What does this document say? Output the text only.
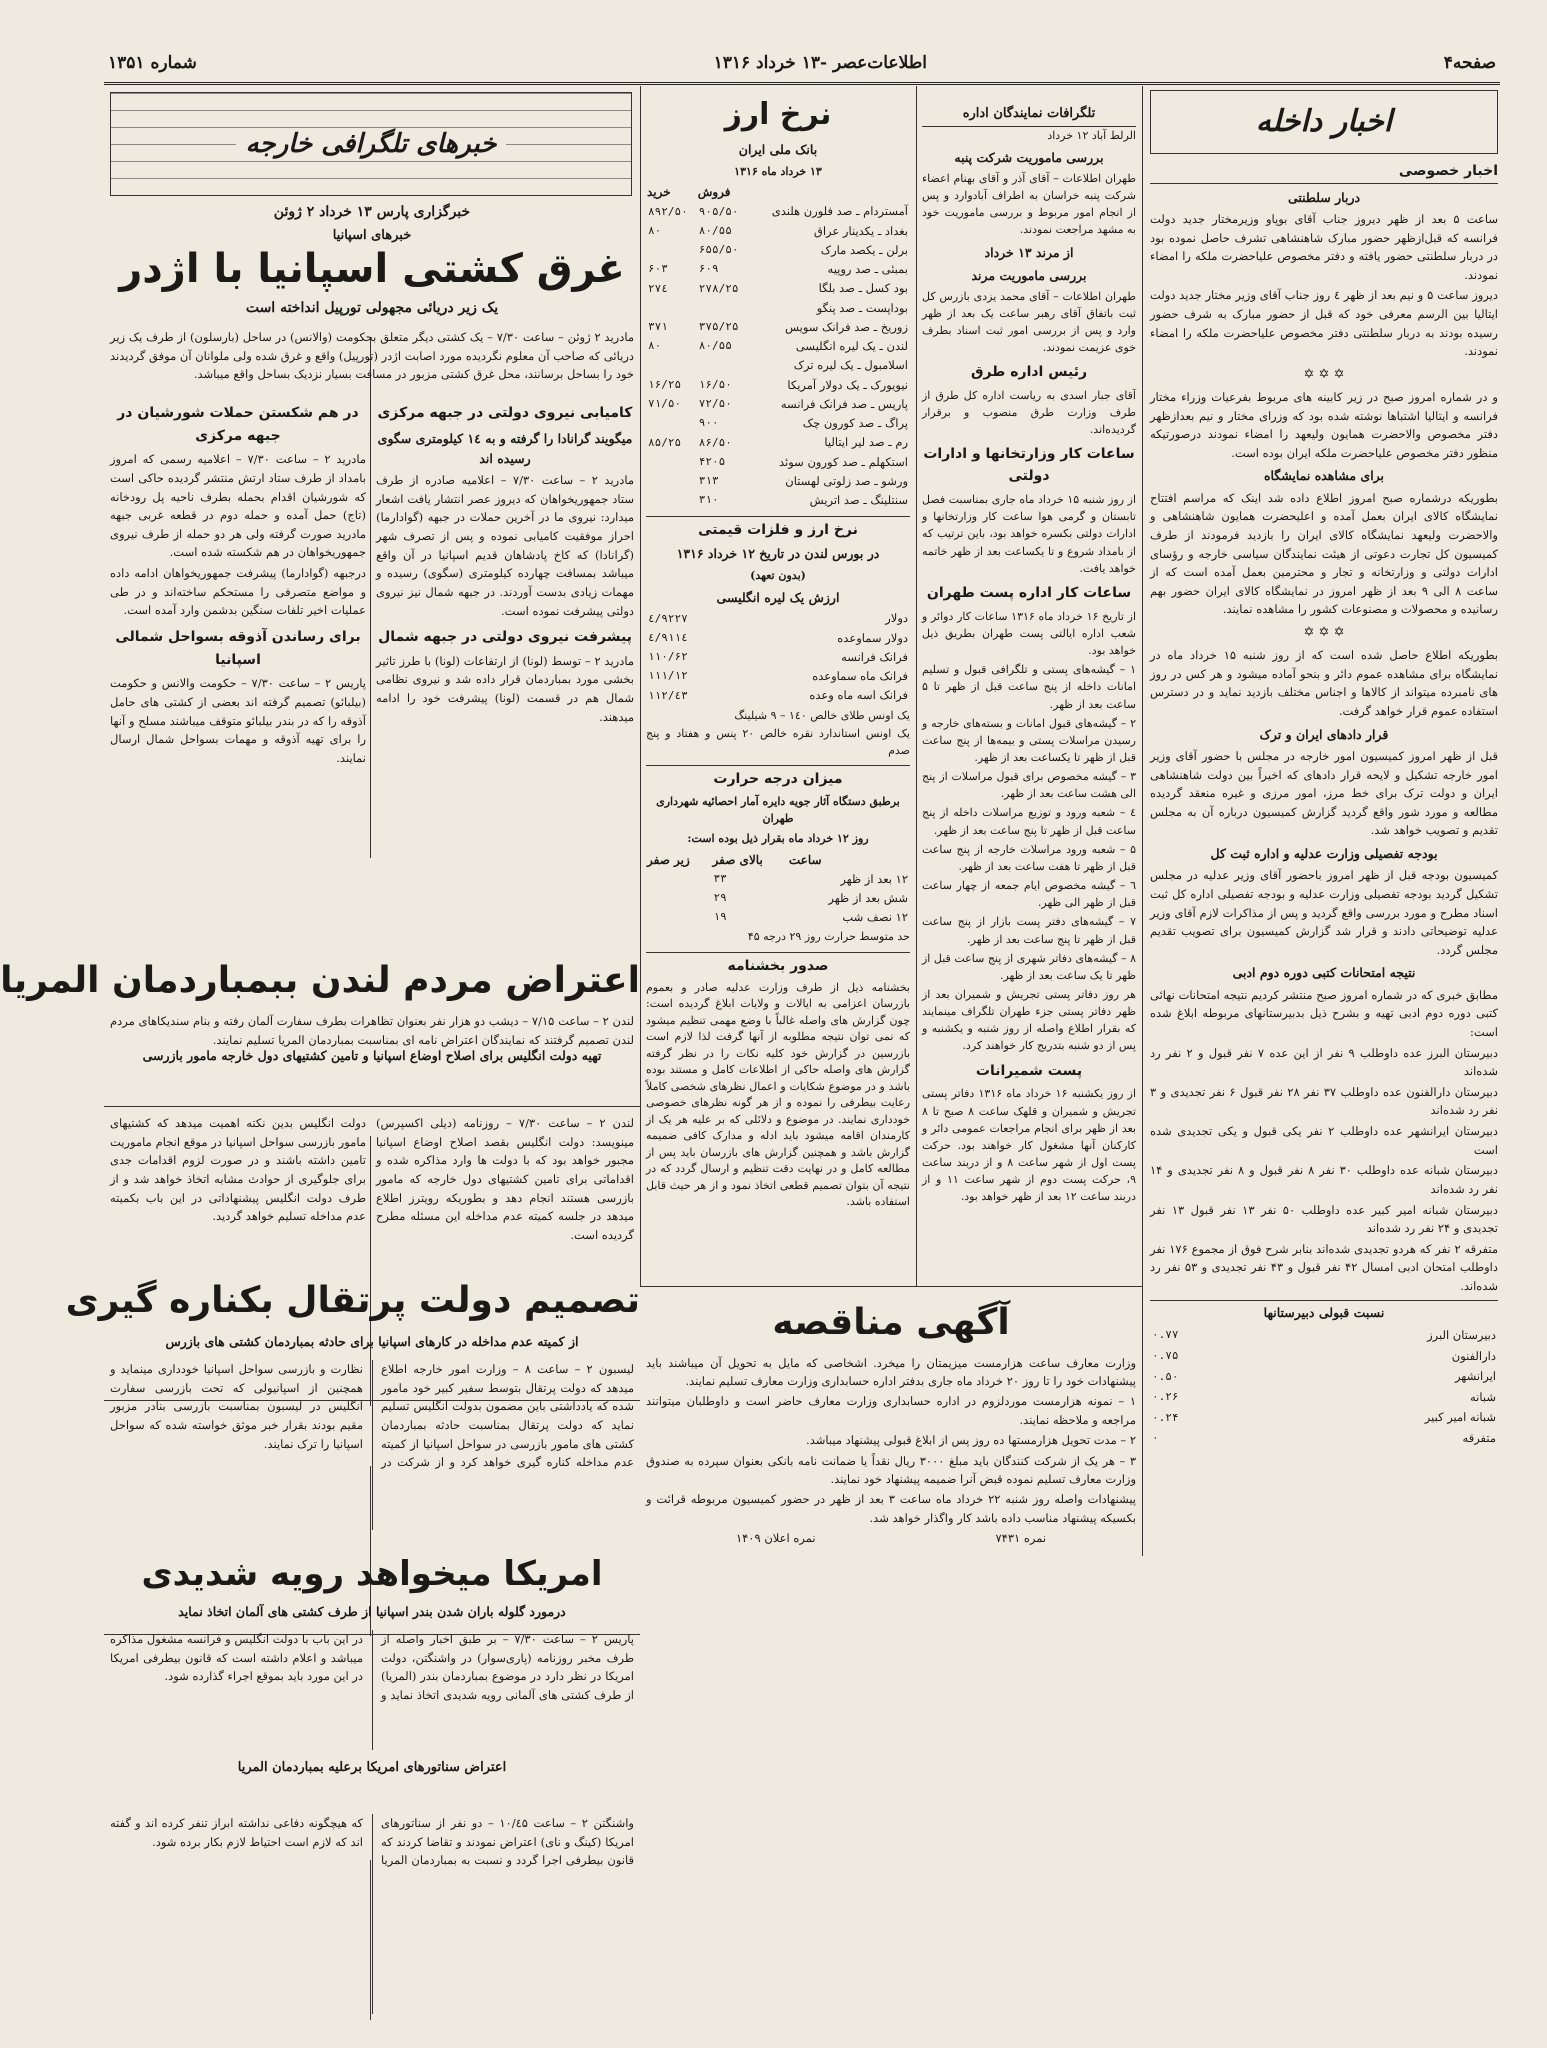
صفحه۴
اطلاعات‌عصر -۱۳ خرداد ۱۳۱۶
شماره ۱۳۵۱
اخبار داخله
اخبار خصوصی
دربار سلطنتی

ساعت ۵ بعد از ظهر دیروز جناب آقای بوپاو وزیرمختار جدید دولت فرانسه که قبل‌از‌ظهر حضور مبارک شاهنشاهی تشرف حاصل نموده بود در دربار سلطنتی حضور یافته و دفتر مخصوص علیاحضرت ملکه را امضاء نمودند.

دیروز ساعت ۵ و نیم بعد از ظهر ٤ روز جناب آقای وزیر مختار جدید دولت ایتالیا بین الرسم معرفی خود که قبل از حضور مبارک به شرف حضور رسیده بودند به دربار سلطنتی دفتر مخصوص علیاحضرت ملکه را امضاء نمودند.

✡ ✡ ✡

و در شماره امروز صبح در زیر کابینه های مربوط بفرعیات وزراء مختار فرانسه و ایتالیا اشتباها نوشته شده بود که وزرای مختار و نیم بعدازظهر دفتر مخصوص والاحضرت همایون ولیعهد را امضاء نمودند درصورتیکه منظور دفتر مخصوص علیاحضرت ملکه ایران بوده است.

برای مشاهده نمایشگاه

بطوریکه درشماره صبح امروز اطلاع داده شد اینک که مراسم افتتاح نمایشگاه کالای ایران بعمل آمده و اعلیحضرت همایون شاهنشاهی و والاحضرت ولیعهد نمایشگاه کالای ایران را بازدید فرمودند از طرف کمیسیون کل تجارت دعوتی از هیئت نمایندگان سیاسی خارجه و رؤسای ادارات دولتی و وزارتخانه و تجار و محترمین بعمل آمده است که از ساعت ۸ الی ۹ بعد از ظهر امروز در نمایشگاه کالای ایران حضور بهم رسانیده و محصولات و مصنوعات کشور را مشاهده نمایند.

✡ ✡ ✡

بطوریکه اطلاع حاصل شده است که از روز شنبه ۱۵ خرداد ماه در نمایشگاه برای مشاهده عموم دائر و بنحو آماده میشود و هر کس در روز های نامبرده میتواند از کالاها و اجناس مختلف بازدید نماید و در دسترس استفاده عموم قرار خواهد گرفت.

قرار دادهای ایران و ترک

قبل از ظهر امروز کمیسیون امور خارجه در مجلس با حضور آقای وزیر امور خارجه تشکیل و لایحه قرار دادهای که اخیراً بین دولت شاهنشاهی ایران و دولت ترک برای خط مرز، امور مرزی و غیره منعقد گردیده مطالعه و مورد شور واقع گردید گزارش کمیسیون درباره آن به مجلس تقدیم و تصویب خواهد شد.

بودجه تفصیلی وزارت عدلیه و اداره ثبت کل

کمیسیون بودجه قبل از ظهر امروز باحضور آقای وزیر عدلیه در مجلس تشکیل گردید بودجه تفصیلی وزارت عدلیه و بودجه تفصیلی اداره کل ثبت اسناد مطرح و مورد بررسی واقع گردید و پس از مذاکرات لازم آقای وزیر عدلیه توضیحاتی دادند و قرار شد گزارش کمیسیون برای تصویب تقدیم مجلس گردد.

نتیجه امتحانات کتبی دوره دوم ادبی

مطابق خبری که در شماره امروز صبح منتشر کردیم نتیجه امتحانات نهائی کتبی دوره دوم ادبی تهیه و بشرح ذیل بدبیرستانهای مربوطه ابلاغ شده است:

دبیرستان البرز عده داوطلب ۹ نفر از این عده ۷ نفر قبول و ۲ نفر رد شده‌اند

دبیرستان دارالفنون عده داوطلب ۳۷ نفر ۲۸ نفر قبول ۶ نفر تجدیدی و ۳ نفر رد شده‌اند

دبیرستان ایرانشهر عده داوطلب ۲ نفر یکی قبول و یکی تجدیدی شده است

دبیرستان شبانه عده داوطلب ۳۰ نفر ۸ نفر قبول و ۸ نفر تجدیدی و ۱۴ نفر رد شده‌اند

دبیرستان شبانه امیر کبیر عده داوطلب ۵۰ نفر ۱۳ نفر قبول ۱۳ نفر تجدیدی و ۲۴ نفر رد شده‌اند

متفرقه ۲ نفر که هردو تجدیدی شده‌اند بنابر شرح فوق از مجموع ۱۷۶ نفر داوطلب امتحان ادبی امسال ۴۲ نفر قبول و ۴۳ نفر تجدیدی و ۵۳ نفر رد شده‌اند.

نسبت قبولی دبیرستانها
دبیرستان البرز	۰.۷۷
دارالفنون	۰.۷۵
ایرانشهر	۰.۵۰
شبانه	۰.۲۶
شبانه امیر کبیر	۰.۲۴
متفرقه	۰
تلگرافات نمایندگان اداره
الرلط آباد ۱۲ خرداد
بررسی ماموریت شرکت پنبه

طهران اطلاعات – آقای آذر و آقای بهنام اعضاء شرکت پنبه خراسان به اطراف آبادوارد و پس از انجام امور مربوط و بررسی ماموریت خود به مشهد مراجعت نمودند.

از مرند ۱۳ خرداد
بررسی ماموریت مرند

طهران اطلاعات – آقای محمد یزدی بازرس کل ثبت باتفاق آقای رهبر ساعت یک بعد از ظهر وارد و پس از بررسی امور ثبت اسناد بطرف خوی عزیمت نمودند.

رئیس اداره طرق

آقای جبار اسدی به ریاست اداره کل طرق از طرف وزارت طرق منصوب و برقرار گردیده‌اند.

ساعات کار وزارتخانها و ادارات دولتی

از روز شنبه ۱۵ خرداد ماه جاری بمناسبت فصل تابستان و گرمی هوا ساعت کار وزارتخانها و ادارات دولتی بکسره خواهد بود، باین ترتیب که از بامداد شروع و تا یکساعت بعد از ظهر خاتمه خواهد یافت.

ساعات کار اداره پست طهران

از تاریخ ۱۶ خرداد ماه ۱۳۱۶ ساعات کار دوائر و شعب اداره ایالتی پست طهران بطریق ذیل خواهد بود.

۱ – گیشه‌های پستی و تلگرافی قبول و تسلیم امانات داخله از پنج ساعت قبل از ظهر تا ۵ ساعت بعد از ظهر.

۲ – گیشه‌های قبول امانات و بسته‌های خارجه و رسیدن مراسلات پستی و بیمه‌ها از پنج ساعت قبل از ظهر تا یکساعت بعد از ظهر.

۳ – گیشه مخصوص برای قبول مراسلات از پنج الی هشت ساعت بعد از ظهر.

٤ – شعبه ورود و توزیع مراسلات داخله از پنج ساعت قبل از ظهر تا پنج ساعت بعد از ظهر.

۵ – شعبه ورود مراسلات خارجه از پنج ساعت قبل از ظهر تا هفت ساعت بعد از ظهر.

٦ – گیشه مخصوص ایام جمعه از چهار ساعت قبل از ظهر الی ظهر.

۷ – گیشه‌های دفتر پست بازار از پنج ساعت قبل از ظهر تا پنج ساعت بعد از ظهر.

۸ – گیشه‌های دفاتر شهری از پنج ساعت قبل از ظهر تا یک ساعت بعد از ظهر.

هر روز دفاتر پستی تجریش و شمیران بعد از ظهر دفاتر پستی جزء طهران تلگراف مینمایند که بقرار اطلاع واصله از روز شنبه و یکشنبه و پس از دو شنبه بتدریج کار خواهند کرد.

پست شمیرانات

از روز یکشنبه ۱۶ خرداد ماه ۱۳۱۶ دفاتر پستی تجریش و شمیران و قلهک ساعت ۸ صبح تا ۸ بعد از ظهر برای انجام مراجعات عمومی دائر و کارکنان آنها مشغول کار خواهند بود. حرکت پست اول از شهر ساعت ۸ و از دربند ساعت ۹، حرکت پست دوم از شهر ساعت ۱۱ و از دربند ساعت ۱۲ بعد از ظهر خواهد بود.

نرخ ارز
بانک ملی ایران
۱۳ خرداد ماه ۱۳۱۶
	فروش	خرید
آمستردام ـ صد فلورن هلندی	۹۰۵/۵۰	۸۹۲/۵۰
بغداد ـ یکدینار عراق	۸۰/۵۵	۸۰
برلن ـ یکصد مارک	۶۵۵/۵۰	
بمبئی ـ صد روپیه	۶۰۹	۶۰۳
بود کسل ـ صد بلگا	۲۷۸/۲۵	۲۷٤
بوداپست ـ صد پنگو		
زوریخ ـ صد فرانک سویس	۳۷۵/۲۵	۳۷۱
لندن ـ یک لیره انگلیسی	۸۰/۵۵	۸۰
اسلامبول ـ یک لیره ترک		
نیویورک ـ یک دولار آمریکا	۱۶/۵۰	۱۶/۲۵
پاریس ـ صد فرانک فرانسه	۷۲/۵۰	۷۱/۵۰
پراگ ـ صد کورون چک	۹۰۰	
رم ـ صد لیر ایتالیا	۸۶/۵۰	۸۵/۲۵
استکهلم ـ صد کورون سوئد	۴۲۰۵	
ورشو ـ صد زلوتی لهستان	۳۱۳	
سنتلینگ ـ صد اتریش	۳۱۰	
نرخ ارز و فلزات قیمتی
در بورس لندن در تاریخ ۱۲ خرداد ۱۳۱۶
(بدون تعهد)
ارزش یک لیره انگلیسی
دولار	٤/۹۲۲۷
دولار سماوعده	٤/۹۱۱٤
فرانک فرانسه	۱۱۰/۶۲
فرانک ماه سماوعده	۱۱۱/۱۲
فرانک اسه ماه وعده	۱۱۲/٤۳

یک اونس طلای خالص ۱٤۰ – ۹ شیلینگ

یک اونس استاندارد نقره خالص ۲۰ پنس و هفتاد و پنج صدم

میزان درجه حرارت
برطبق دستگاه آثار جویه دایره آمار احصائیه شهرداری طهران
روز ۱۲ خرداد ماه بقرار ذیل بوده است:
ساعت	بالای صفر	زیر صفر
۱۲ بعد از ظهر	۳۳	
شش بعد از ظهر	۲۹	
۱۲ نصف شب	۱۹	

حد متوسط حرارت روز ۲۹ درجه ۴۵

صدور بخشنامه

بخشنامه ذیل از طرف وزارت عدلیه صادر و بعموم بازرسان اعزامی به ایالات و ولایات ابلاغ گردیده است: چون گزارش های واصله غالباً با وضع مهمی تنظیم میشود که نمی توان نتیجه مطلوبه از آنها گرفت لذا لازم است بازرسین در گزارش خود کلیه نکات را در نظر گرفته گزارش های واصله حاکی از اطلاعات کامل و مستند بوده باشد و در موضوع شکایات و اعمال نظرهای شخصی کاملاً رعایت بیطرفی را نموده و از هر گونه نظرهای خصوصی خودداری نمایند. در موضوع و دلائلی که بر علیه هر یک از کارمندان اقامه میشود باید ادله و مدارک کافی ضمیمه گزارش باشد و همچنین گزارش های بازرسان باید پس از مطالعه کامل و در نهایت دقت تنظیم و ارسال گردد که در نتیجه آن بتوان تصمیم قطعی اتخاذ نمود و از هر حیث قابل استفاده باشد.

آگهی مناقصه

وزارت معارف ساعت هزارمست میزیمتان را میخرد. اشخاصی که مایل به تحویل آن میباشند باید پیشنهادات خود را تا روز ۲۰ خرداد ماه جاری بدفتر اداره حسابداری وزارت معارف تسلیم نمایند.

۱ – نمونه هزارمست موردلزوم در اداره حسابداری وزارت معارف حاضر است و داوطلبان میتوانند مراجعه و ملاحظه نمایند.

۲ – مدت تحویل هزارمستها ده روز پس از ابلاغ قبولی پیشنهاد میباشد.

۳ – هر یک از شرکت کنندگان باید مبلغ ۳۰۰۰ ریال نقداً یا ضمانت نامه بانکی بعنوان سپرده به صندوق وزارت معارف تسلیم نموده قبض آنرا ضمیمه پیشنهاد خود نمایند.

پیشنهادات واصله روز شنبه ۲۲ خرداد ماه ساعت ۳ بعد از ظهر در حضور کمیسیون مربوطه قرائت و بکسیکه پیشنهاد مناسب داده باشد کار واگذار خواهد شد.

نمره ۷۴۳۱
نمره اعلان ۱۴۰۹
خبرهای تلگرافی خارجه
خبرگزاری پارس ۱۳ خرداد ۲ ژوئن
خبرهای اسپانیا
غرق کشتی اسپانیا با اژدر
یک زیر دریائی مجهولی تورپیل انداخته است

مادرید ۲ ژوئن – ساعت ۷/۳۰ – یک کشتی دیگر متعلق بحکومت (والانس) در ساحل (بارسلون) از طرف یک زیر دریائی که صاحب آن معلوم نگردیده مورد اصابت اژدر (تورپیل) واقع و غرق شده ولی ملوانان آن موفق گردیدند خود را بساحل برسانند، محل غرق کشتی مزبور در مسافت بسیار نزدیک بساحل واقع میباشد.

کامیابی نیروی دولتی در جبهه مرکزی
میگویند گرانادا را گرفته و به ۱٤ کیلومتری سگوی رسیده اند

مادرید ۲ – ساعت ۷/۳۰ – اعلامیه صادره از طرف ستاد جمهوریخواهان که دیروز عصر انتشار یافت اشعار میدارد: نیروی ما در آخرین حملات در جبهه (گوادارما) احراز موفقیت کامیابی نموده و پس از تصرف شهر (گرانادا) که کاخ پادشاهان قدیم اسپانیا در آن واقع میباشد بمسافت چهارده کیلومتری (سگوی) رسیده و مهمات زیادی بدست آوردند. در جبهه شمال نیز نیروی دولتی پیشرفت نموده است.

پیشرفت نیروی دولتی در جبهه شمال

مادرید ۲ – توسط (لونا) از ارتفاعات (لونا) با طرز تاثیر بخشی مورد بمباردمان قرار داده شد و نیروی نظامی شمال هم در قسمت (لونا) پیشرفت خود را ادامه میدهند.

در هم شکستن حملات شورشیان در جبهه مرکزی

مادرید ۲ – ساعت ۷/۳۰ – اعلامیه رسمی که امروز بامداد از طرف ستاد ارتش منتشر گردیده حاکی است که شورشیان اقدام بحمله بطرف ناحیه پل رودخانه (تاج) حمل آمده و حمله دوم در قطعه غربی جبهه مادرید صورت گرفته ولی هر دو حمله از طرف نیروی جمهوریخواهان در هم شکسته شده است.

درجبهه (گوادارما) پیشرفت جمهوریخواهان ادامه داده و مواضع متصرفی را مستحکم ساخته‌اند و در طی عملیات اخیر تلفات سنگین بدشمن وارد آمده است.

برای رساندن آذوقه بسواحل شمالی اسپانیا

پاریس ۲ – ساعت ۷/۳۰ – حکومت والانس و حکومت (بیلبائو) تصمیم گرفته اند بعضی از کشتی های حامل آذوقه را که در بندر بیلبائو متوقف میباشند مسلح و آنها را برای تهیه آذوقه و مهمات بسواحل شمال ارسال نمایند.

اعتراض مردم لندن ببمباردمان المریا

لندن ۲ – ساعت ۷/۱۵ – دیشب دو هزار نفر بعنوان تظاهرات بطرف سفارت آلمان رفته و بنام سندیکاهای مردم لندن تصمیم گرفتند که نمایندگان اعتراض نامه ای بمناسبت بمباردمان المریا تسلیم نمایند.

تهیه دولت انگلیس برای اصلاح اوضاع اسپانیا و تامین کشتیهای دول خارجه مامور بازرسی

لندن ۲ – ساعت ۷/۳۰ – روزنامه (دیلی اکسپرس) مینویسد: دولت انگلیس بقصد اصلاح اوضاع اسپانیا مجبور خواهد بود که با دولت ها وارد مذاکره شده و اقداماتی برای تامین کشتیهای دول خارجه که مامور بازرسی هستند انجام دهد و بطوریکه رویترز اطلاع میدهد در جلسه کمیته عدم مداخله این مسئله مطرح گردیده است.

دولت انگلیس بدین نکته اهمیت میدهد که کشتیهای مامور بازرسی سواحل اسپانیا در موقع انجام ماموریت تامین داشته باشند و در صورت لزوم اقدامات جدی برای جلوگیری از حوادث مشابه اتخاذ خواهد شد و از طرف دولت انگلیس پیشنهاداتی در این باب بکمیته عدم مداخله تسلیم خواهد گردید.

تصمیم دولت پرتقال بکناره گیری
از کمیته عدم مداخله در کارهای اسپانیا برای حادثه بمباردمان کشتی های بازرس

لیسبون ۲ – ساعت ۸ – وزارت امور خارجه اطلاع میدهد که دولت پرتقال بتوسط سفیر کبیر خود مامور شده که یادداشتی باین مضمون بدولت انگلیس تسلیم نماید که دولت پرتقال بمناسبت حادثه بمباردمان کشتی های مامور بازرسی در سواحل اسپانیا از کمیته عدم مداخله کناره گیری خواهد کرد و از شرکت در نظارت و بازرسی سواحل اسپانیا خودداری مینماید و همچنین از اسپانیولی که تحت بازرسی سفارت انگلیس در لیسبون بمناسبت بازرسی بنادر مزبور مقیم بودند بقرار خبر موثق خواسته شده که سواحل اسپانیا را ترک نمایند.

امریکا میخواهد رویه شدیدی
درمورد گلوله باران شدن بندر اسپانیا از طرف کشتی های آلمان اتخاذ نماید

پاریس ۲ – ساعت ۷/۳۰ – بر طبق اخبار واصله از طرف مخبر روزنامه (پاری‌سوار) در واشنگتن، دولت امریکا در نظر دارد در موضوع بمباردمان بندر (المریا) از طرف کشتی های آلمانی رویه شدیدی اتخاذ نماید و در این باب با دولت انگلیس و فرانسه مشغول مذاکره میباشد و اعلام داشته است که قانون بیطرفی امریکا در این مورد باید بموقع اجراء گذارده شود.

اعتراض سناتورهای امریکا برعلیه بمباردمان المریا

واشنگتن ۲ – ساعت ۱۰/٤۵ – دو نفر از سناتورهای امریکا (کینگ و نای) اعتراض نمودند و تقاضا کردند که قانون بیطرفی اجرا گردد و نسبت به بمباردمان المریا که هیچگونه دفاعی نداشته ابراز تنفر کرده اند و گفته اند که لازم است احتیاط لازم بکار برده شود.
